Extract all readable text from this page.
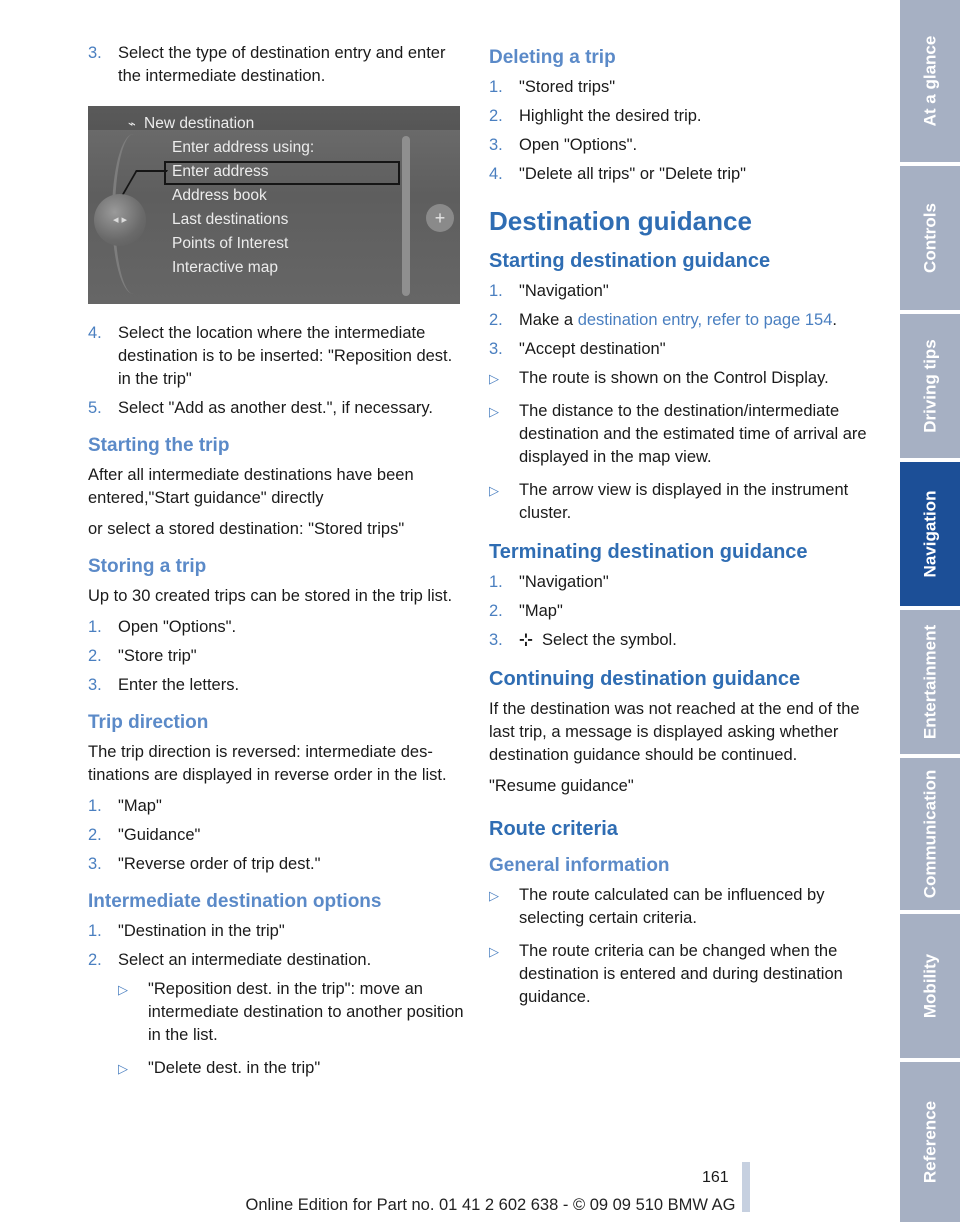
3. Select the type of destination entry and enter the intermediate destination.
⌁ New destination
Enter address using:
Enter address
Address book
Last destinations
Points of Interest
Interactive map
◂ ▸	+
4. Select the location where the intermediate destination is to be inserted: "Reposition dest. in the trip"
5. Select "Add as another dest.", if necessary.
Starting the trip

After all intermediate destinations have been entered,"Start guidance" directly

or select a stored destination: "Stored trips"

Storing a trip

Up to 30 created trips can be stored in the trip list.

1. Open "Options".
2. "Store trip"
3. Enter the letters.
Trip direction

The trip direction is reversed: intermediate destinations are displayed in reverse order in the list.

1. "Map"
2. "Guidance"
3. "Reverse order of trip dest."
Intermediate destination options
1. "Destination in the trip"
2. Select an intermediate destination.
▷	"Reposition dest. in the trip": move an intermediate destination to another position in the list.
▷	"Delete dest. in the trip"
Deleting a trip
1. "Stored trips"
2. Highlight the desired trip.
3. Open "Options".
4. "Delete all trips" or "Delete trip"
Destination guidance
Starting destination guidance
1. "Navigation"
2. Make a destination entry, refer to page 154.
3. "Accept destination"
▷	The route is shown on the Control Display.
▷	The distance to the destination/intermediate destination and the estimated time of arrival are displayed in the map view.
▷	The arrow view is displayed in the instrument cluster.
Terminating destination guidance
1. "Navigation"
2. "Map"
3. ⊹ Select the symbol.
Continuing destination guidance

If the destination was not reached at the end of the last trip, a message is displayed asking whether destination guidance should be continued.

"Resume guidance"

Route criteria
General information
▷	The route calculated can be influenced by selecting certain criteria.
▷	The route criteria can be changed when the destination is entered and during destination guidance.
At a glance
Controls
Driving tips
Navigation
Entertainment
Communication
Mobility
Reference
161
Online Edition for Part no. 01 41 2 602 638 - © 09 09 510 BMW AG
